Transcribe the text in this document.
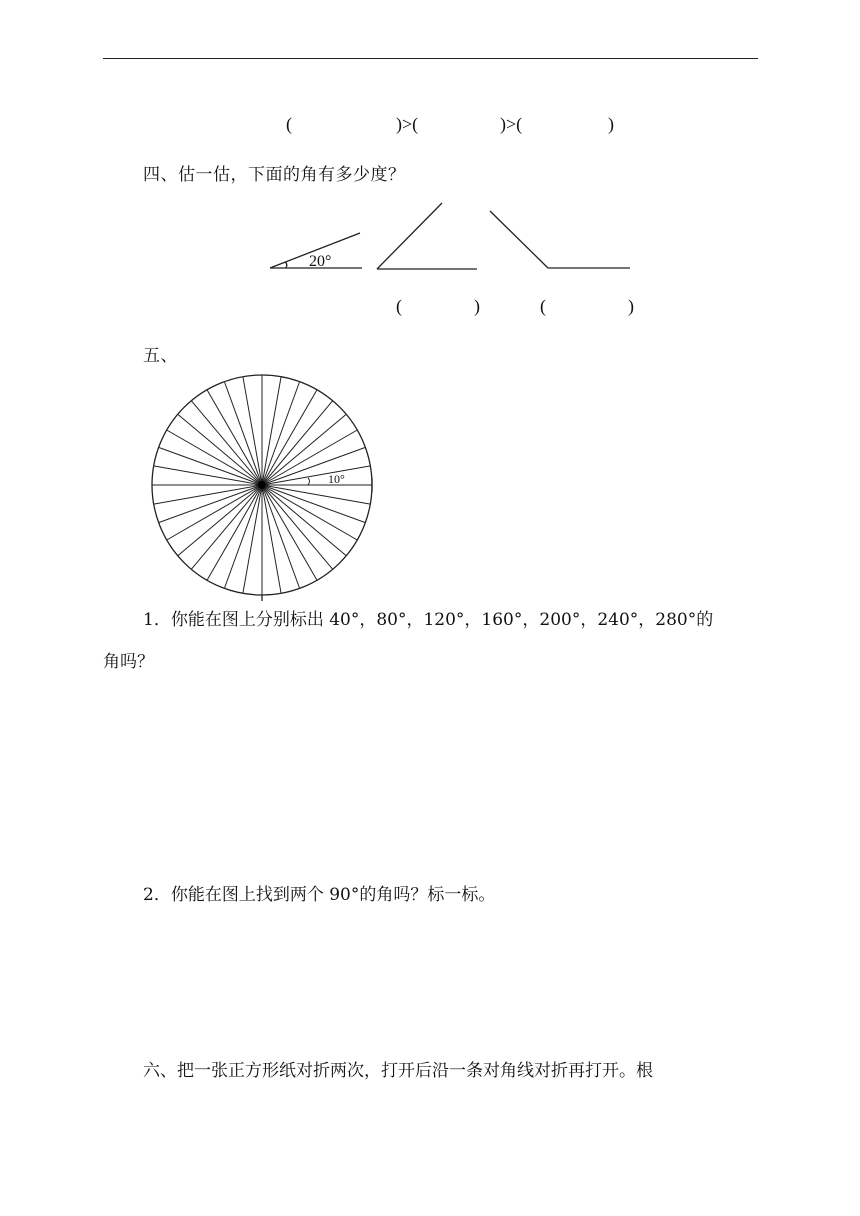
(	)>(	)>(	)
四、估一估，下面的角有多少度？
20°
(	)	(	)
五、
10°
1．你能在图上分别标出 40°，80°，120°，160°，200°，240°，280°的
角吗？
2．你能在图上找到两个 90°的角吗？标一标。
六、把一张正方形纸对折两次，打开后沿一条对角线对折再打开。根
